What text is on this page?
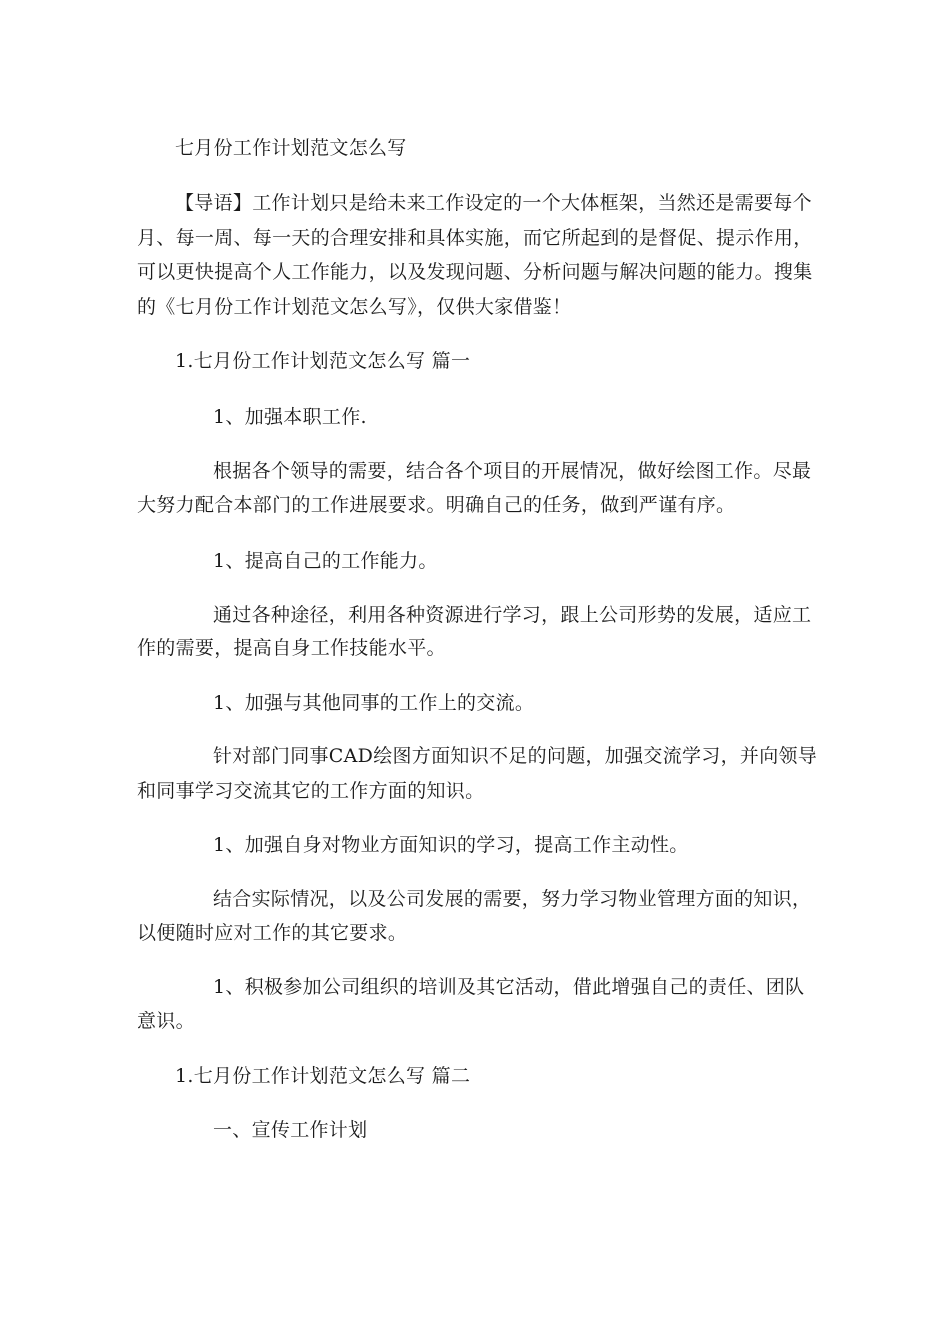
七月份工作计划范文怎么写
【导语】工作计划只是给未来工作设定的一个大体框架，当然还是需要每个
月、每一周、每一天的合理安排和具体实施，而它所起到的是督促、提示作用，
可以更快提高个人工作能力，以及发现问题、分析问题与解决问题的能力。搜集
的《七月份工作计划范文怎么写》，仅供大家借鉴！
1.七月份工作计划范文怎么写 篇一
1、加强本职工作.
根据各个领导的需要，结合各个项目的开展情况，做好绘图工作。尽最
大努力配合本部门的工作进展要求。明确自己的任务，做到严谨有序。
1、提高自己的工作能力。
通过各种途径，利用各种资源进行学习，跟上公司形势的发展，适应工
作的需要，提高自身工作技能水平。
1、加强与其他同事的工作上的交流。
针对部门同事CAD绘图方面知识不足的问题，加强交流学习，并向领导
和同事学习交流其它的工作方面的知识。
1、加强自身对物业方面知识的学习，提高工作主动性。
结合实际情况，以及公司发展的需要，努力学习物业管理方面的知识，
以便随时应对工作的其它要求。
1、积极参加公司组织的培训及其它活动，借此增强自己的责任、团队
意识。
1.七月份工作计划范文怎么写 篇二
一、宣传工作计划
